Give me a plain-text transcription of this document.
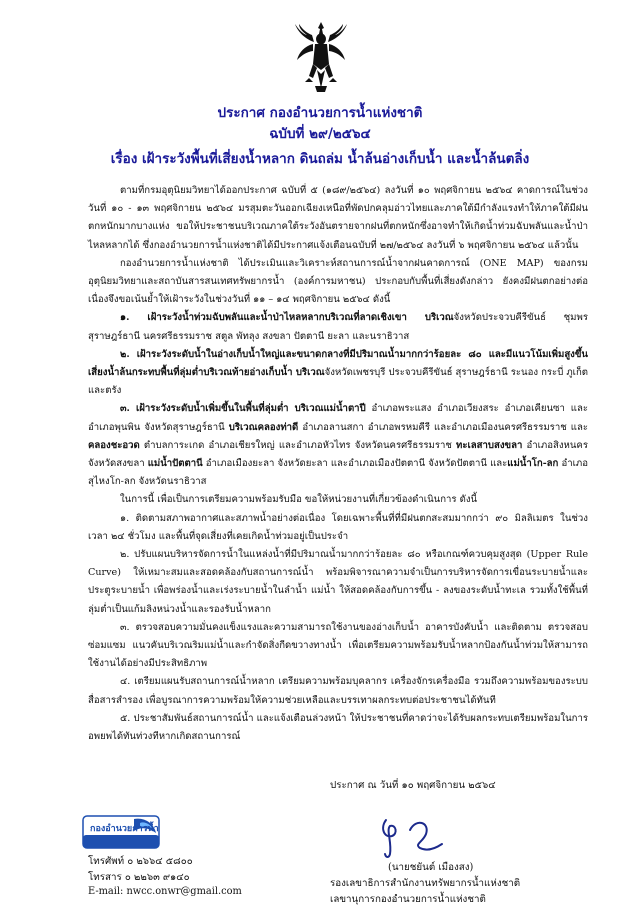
ประกาศ กองอำนวยการน้ำแห่งชาติ
ฉบับที่ ๒๙/๒๕๖๔
เรื่อง เฝ้าระวังพื้นที่เสี่ยงน้ำหลาก ดินถล่ม น้ำล้นอ่างเก็บน้ำ และน้ำล้นตลิ่ง

ตามที่กรมอุตุนิยมวิทยาได้ออกประกาศ ฉบับที่ ๕ (๑๘๙/๒๕๖๔) ลงวันที่ ๑๐ พฤศจิกายน ๒๕๖๔ คาดการณ์ในช่วงวันที่ ๑๐ - ๑๓ พฤศจิกายน ๒๕๖๔ มรสุมตะวันออกเฉียงเหนือที่พัดปกคลุมอ่าวไทยและภาคใต้มีกำลังแรงทำให้ภาคใต้มีฝนตกหนักมากบางแห่ง ขอให้ประชาชนบริเวณภาคใต้ระวังอันตรายจากฝนที่ตกหนักซึ่งอาจทำให้เกิดน้ำท่วมฉับพลันและน้ำป่าไหลหลากได้ ซึ่งกองอำนวยการน้ำแห่งชาติได้มีประกาศแจ้งเตือนฉบับที่ ๒๗/๒๕๖๔ ลงวันที่ ๖ พฤศจิกายน ๒๕๖๔ แล้วนั้น

กองอำนวยการน้ำแห่งชาติ ได้ประเมินและวิเคราะห์สถานการณ์น้ำจากฝนคาดการณ์ (ONE MAP) ของกรมอุตุนิยมวิทยาและสถาบันสารสนเทศทรัพยากรน้ำ (องค์การมหาชน) ประกอบกับพื้นที่เสี่ยงดังกล่าว ยังคงมีฝนตกอย่างต่อเนื่องจึงขอเน้นย้ำให้เฝ้าระวังในช่วงวันที่ ๑๑ – ๑๔ พฤศจิกายน ๒๕๖๔ ดังนี้

๑. เฝ้าระวังน้ำท่วมฉับพลันและน้ำป่าไหลหลากบริเวณที่ลาดเชิงเขา บริเวณจังหวัดประจวบคีรีขันธ์ ชุมพร สุราษฎร์ธานี นครศรีธรรมราช สตูล พัทลุง สงขลา ปัตตานี ยะลา และนราธิวาส

๒. เฝ้าระวังระดับน้ำในอ่างเก็บน้ำใหญ่และขนาดกลางที่มีปริมาณน้ำมากกว่าร้อยละ ๘๐ และมีแนวโน้มเพิ่มสูงขึ้น เสี่ยงน้ำล้นกระทบพื้นที่ลุ่มต่ำบริเวณท้ายอ่างเก็บน้ำ บริเวณจังหวัดเพชรบุรี ประจวบคีรีขันธ์ สุราษฎร์ธานี ระนอง กระบี่ ภูเก็ต และตรัง

๓. เฝ้าระวังระดับน้ำเพิ่มขึ้นในพื้นที่ลุ่มต่ำ บริเวณแม่น้ำตาปี อำเภอพระแสง อำเภอเวียงสระ อำเภอเคียนซา และอำเภอพุนพิน จังหวัดสุราษฎร์ธานี บริเวณคลองท่าดี อำเภอลานสกา อำเภอพรหมคีรี และอำเภอเมืองนครศรีธรรมราช และคลองชะอวด ตำบลการะเกด อำเภอเชียรใหญ่ และอำเภอหัวไทร จังหวัดนครศรีธรรมราช ทะเลสาบสงขลา อำเภอสิงหนคร จังหวัดสงขลา แม่น้ำปัตตานี อำเภอเมืองยะลา จังหวัดยะลา และอำเภอเมืองปัตตานี จังหวัดปัตตานี และแม่น้ำโก-ลก อำเภอสุไหงโก-ลก จังหวัดนราธิวาส

ในการนี้ เพื่อเป็นการเตรียมความพร้อมรับมือ ขอให้หน่วยงานที่เกี่ยวข้องดำเนินการ ดังนี้

๑. ติดตามสภาพอากาศและสภาพน้ำอย่างต่อเนื่อง โดยเฉพาะพื้นที่ที่มีฝนตกสะสมมากกว่า ๙๐ มิลลิเมตร ในช่วงเวลา ๒๔ ชั่วโมง และพื้นที่จุดเสี่ยงที่เคยเกิดน้ำท่วมอยู่เป็นประจำ

๒. ปรับแผนบริหารจัดการน้ำในแหล่งน้ำที่มีปริมาณน้ำมากกว่าร้อยละ ๘๐ หรือเกณฑ์ควบคุมสูงสุด (Upper Rule Curve) ให้เหมาะสมและสอดคล้องกับสถานการณ์น้ำ พร้อมพิจารณาความจำเป็นการบริหารจัดการเขื่อนระบายน้ำและประตูระบายน้ำ เพื่อพร่องน้ำและเร่งระบายน้ำในลำน้ำ แม่น้ำ ให้สอดคล้องกับการขึ้น - ลงของระดับน้ำทะเล รวมทั้งใช้พื้นที่ลุ่มต่ำเป็นแก้มลิงหน่วงน้ำและรองรับน้ำหลาก

๓. ตรวจสอบความมั่นคงแข็งแรงและความสามารถใช้งานของอ่างเก็บน้ำ อาคารบังคับน้ำ และติดตาม ตรวจสอบ ซ่อมแซม แนวคันบริเวณริมแม่น้ำและกำจัดสิ่งกีดขวางทางน้ำ เพื่อเตรียมความพร้อมรับน้ำหลากป้องกันน้ำท่วมให้สามารถใช้งานได้อย่างมีประสิทธิภาพ

๔. เตรียมแผนรับสถานการณ์น้ำหลาก เตรียมความพร้อมบุคลากร เครื่องจักรเครื่องมือ รวมถึงความพร้อมของระบบสื่อสารสำรอง เพื่อบูรณาการความพร้อมให้ความช่วยเหลือและบรรเทาผลกระทบต่อประชาชนได้ทันที

๕. ประชาสัมพันธ์สถานการณ์น้ำ และแจ้งเตือนล่วงหน้า ให้ประชาชนที่คาดว่าจะได้รับผลกระทบเตรียมพร้อมในการอพยพได้ทันท่วงทีหากเกิดสถานการณ์

ประกาศ ณ วันที่ ๑๐ พฤศจิกายน ๒๕๖๔
(นายชยันต์ เมืองสง)
รองเลขาธิการสำนักงานทรัพยากรน้ำแห่งชาติ
เลขานุการกองอำนวยการน้ำแห่งชาติ
กองอำนวยการน้ำ
โทรศัพท์ ๐ ๒๖๖๔ ๕๘๐๐
โทรสาร ๐ ๒๒๖๓ ๙๑๔๐
E-mail: nwcc.onwr@gmail.com
